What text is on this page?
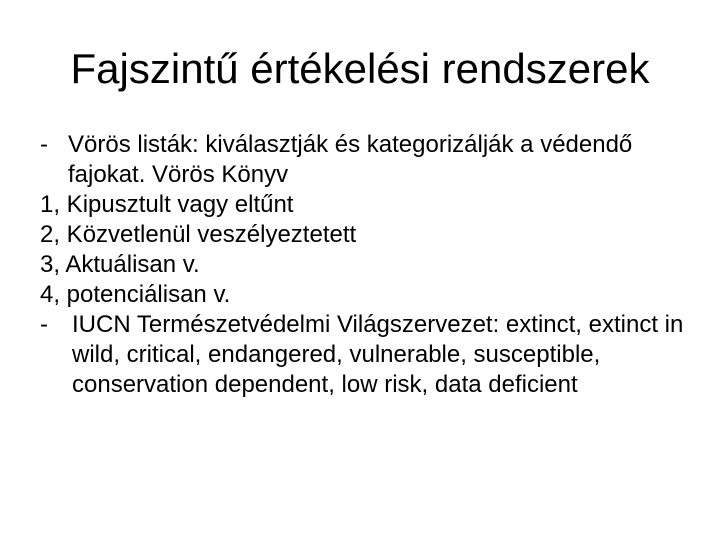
Fajszintű értékelési rendszerek
- Vörös listák: kiválasztják és kategorizálják a védendő fajokat. Vörös Könyv
1, Kipusztult vagy eltűnt
2, Közvetlenül veszélyeztetett
3, Aktuálisan v.
4, potenciálisan v.
- IUCN Természetvédelmi Világszervezet: extinct, extinct in wild, critical, endangered, vulnerable, susceptible, conservation dependent, low risk, data deficient
